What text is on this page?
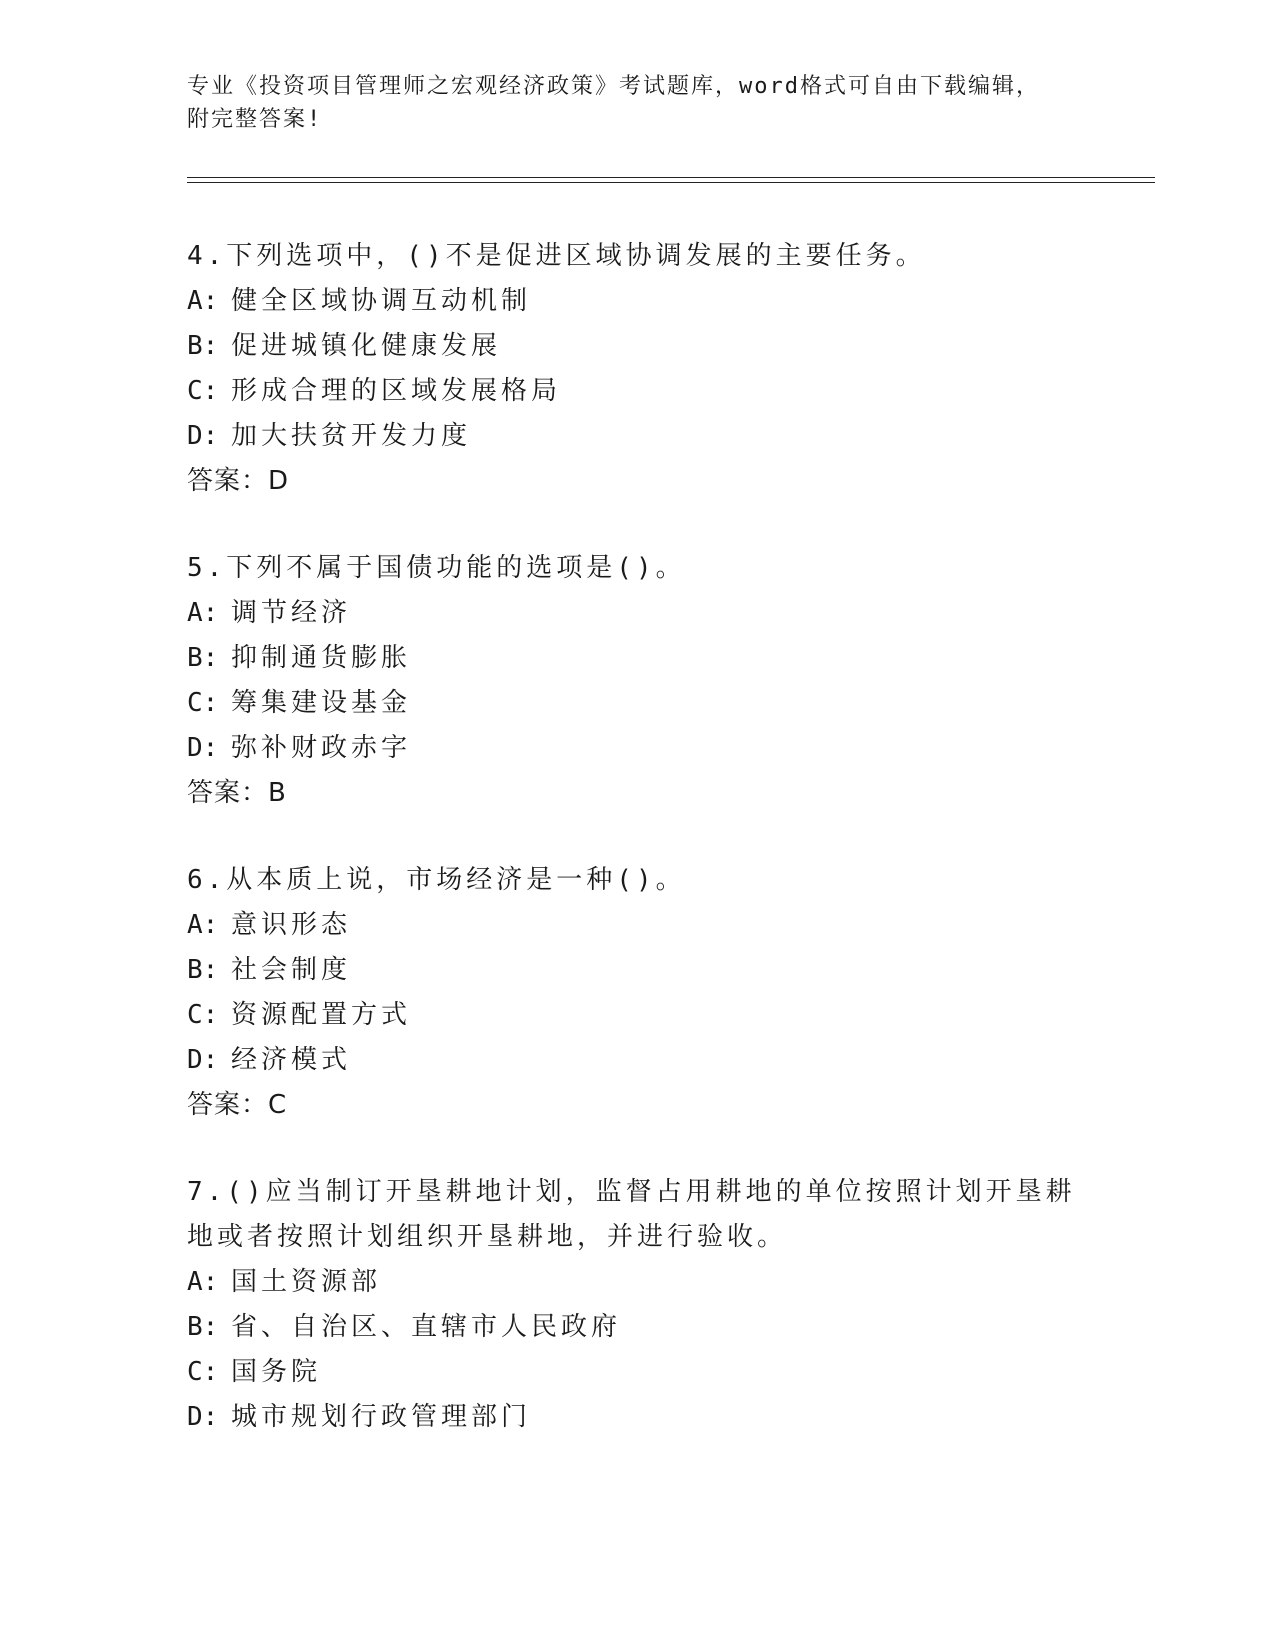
专业《投资项目管理师之宏观经济政策》考试题库，word格式可自由下载编辑，
附完整答案!
4.下列选项中，()不是促进区域协调发展的主要任务。
A: 健全区域协调互动机制
B: 促进城镇化健康发展
C: 形成合理的区域发展格局
D: 加大扶贫开发力度
答案：D
5.下列不属于国债功能的选项是()。
A: 调节经济
B: 抑制通货膨胀
C: 筹集建设基金
D: 弥补财政赤字
答案：B
6.从本质上说，市场经济是一种()。
A: 意识形态
B: 社会制度
C: 资源配置方式
D: 经济模式
答案：C
7.()应当制订开垦耕地计划，监督占用耕地的单位按照计划开垦耕地或者按照计划组织开垦耕地，并进行验收。
A: 国土资源部
B: 省、自治区、直辖市人民政府
C: 国务院
D: 城市规划行政管理部门
